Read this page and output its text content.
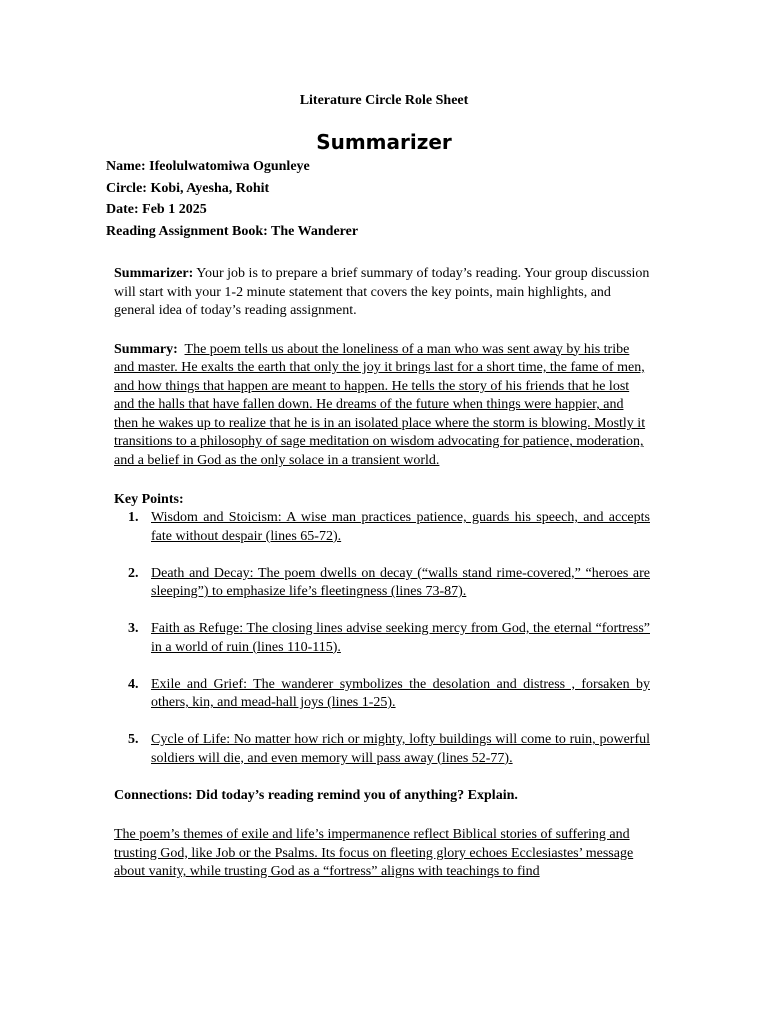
Literature Circle Role Sheet
Summarizer
Name: Ifeolulwatomiwa Ogunleye
Circle: Kobi, Ayesha, Rohit
Date: Feb 1 2025
Reading Assignment Book: The Wanderer

Summarizer: Your job is to prepare a brief summary of today’s reading. Your group discussion will start with your 1-2 minute statement that covers the key points, main highlights, and general idea of today’s reading assignment.

Summary: The poem tells us about the loneliness of a man who was sent away by his tribe and master. He exalts the earth that only the joy it brings last for a short time, the fame of men, and how things that happen are meant to happen. He tells the story of his friends that he lost and the halls that have fallen down. He dreams of the future when things were happier, and then he wakes up to realize that he is in an isolated place where the storm is blowing. Mostly it transitions to a philosophy of sage meditation on wisdom advocating for patience, moderation, and a belief in God as the only solace in a transient world.

Key Points:

1. Wisdom and Stoicism: A wise man practices patience, guards his speech, and accepts fate without despair (lines 65-72).
2. Death and Decay: The poem dwells on decay (“walls stand rime-covered,” “heroes are sleeping”) to emphasize life’s fleetingness (lines 73-87).
3. Faith as Refuge: The closing lines advise seeking mercy from God, the eternal “fortress” in a world of ruin (lines 110-115).
4. Exile and Grief: The wanderer symbolizes the desolation and distress , forsaken by others, kin, and mead-hall joys (lines 1-25).
5. Cycle of Life: No matter how rich or mighty, lofty buildings will come to ruin, powerful soldiers will die, and even memory will pass away (lines 52-77).

Connections: Did today’s reading remind you of anything? Explain.

The poem’s themes of exile and life’s impermanence reflect Biblical stories of suffering and trusting God, like Job or the Psalms. Its focus on fleeting glory echoes Ecclesiastes’ message about vanity, while trusting God as a “fortress” aligns with teachings to find
